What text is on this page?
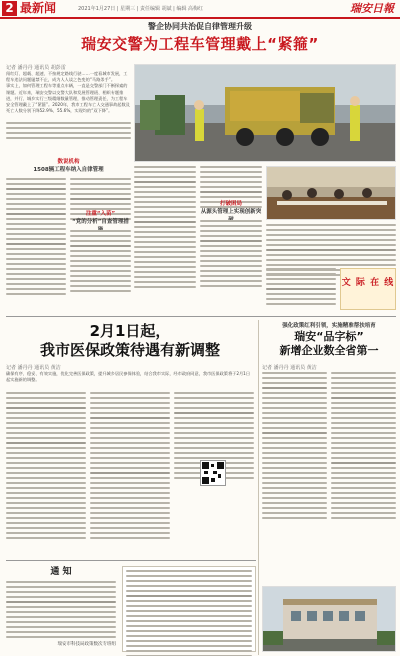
2 最新闻	2021年1月27日 | 星期三 | 责任编辑 胡斌 | 编辑 高梅红	瑞安日報
警企协同共治促自律管理升级
瑞安交警为工程车管理戴上“紧箍”
记者 潘丹丹 通讯员 胡彭雷

闯红灯、超载、超速、不按规定路线行驶……一度看城市发展，工程车违法问题屡禁不止，成为人人谈之色变的“马路杀手”。

事实上，如何管理工程车等重点车辆，一直是交警部门不断探索的课题。近年来，瑞安交警以交警大队和发展管理班、相织专题推进，并行、城乡实行三级精细数量管理，推动管理责任，为工程车安全管理戴上了“紧箍”。2020年，我市工程车亡人交通事故起数及死亡人数分别下降52.9%、55.6%，实现均的“双下降”。

数说机构
1508辆工程车纳入自律管理
注重“入苗”
“党的分析”自查管理措
打破困局
从源头管理上实现创新突
文 际 在 线
2月1日起，
我市医保政策待遇有新调整
记者 潘丹丹 通讯员 黄洁
确保有序、稳妥、有效实施，优化完善医保政策，提升城乡居民参保体验，结合我市实际，经市政府同意，我市医保政策将于2月1日起实施新的调整。
强化政策红利引领，实施精准帮扶培育
瑞安“品字标”
新增企业数全省第一
记者 潘丹丹 通讯员 黄洁
通 知
瑞安市科技局政策数次专班组
